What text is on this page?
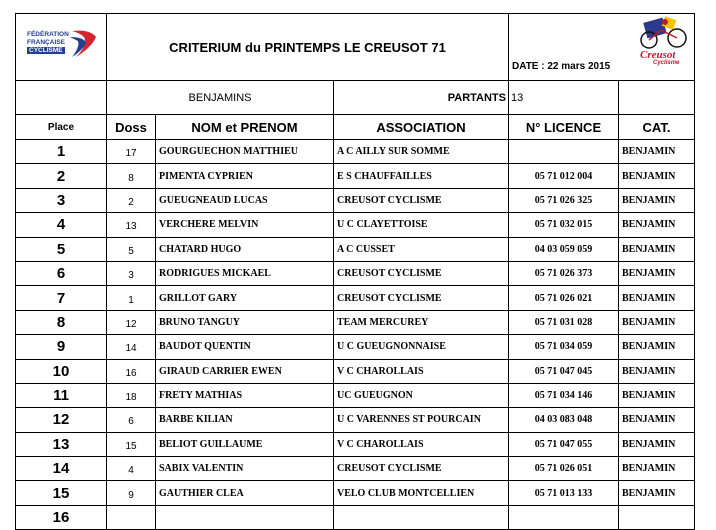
FÉDÉRATION
FRANÇAISE
CYCLISME	CRITERIUM du PRINTEMPS LE CREUSOT 71			DATE : 22 mars 2015
Creusot
Cyclisme	

	BENJAMINS		PARTANTS	13	
Place	Doss	NOM et PRENOM	ASSOCIATION	N° LICENCE	CAT.
1	17	GOURGUECHON MATTHIEU	A C AILLY SUR SOMME		BENJAMIN
2	8	PIMENTA CYPRIEN	E S CHAUFFAILLES	05 71 012 004	BENJAMIN
3	2	GUEUGNEAUD LUCAS	CREUSOT CYCLISME	05 71 026 325	BENJAMIN
4	13	VERCHERE MELVIN	U C CLAYETTOISE	05 71 032 015	BENJAMIN
5	5	CHATARD HUGO	A C CUSSET	04 03 059 059	BENJAMIN
6	3	RODRIGUES MICKAEL	CREUSOT CYCLISME	05 71 026 373	BENJAMIN
7	1	GRILLOT GARY	CREUSOT CYCLISME	05 71 026 021	BENJAMIN
8	12	BRUNO TANGUY	TEAM MERCUREY	05 71 031 028	BENJAMIN
9	14	BAUDOT QUENTIN	U C GUEUGNONNAISE	05 71 034 059	BENJAMIN
10	16	GIRAUD CARRIER EWEN	V C CHAROLLAIS	05 71 047 045	BENJAMIN
11	18	FRETY MATHIAS	UC GUEUGNON	05 71 034 146	BENJAMIN
12	6	BARBE KILIAN	U C VARENNES ST POURCAIN	04 03 083 048	BENJAMIN
13	15	BELIOT GUILLAUME	V C CHAROLLAIS	05 71 047 055	BENJAMIN
14	4	SABIX VALENTIN	CREUSOT CYCLISME	05 71 026 051	BENJAMIN
15	9	GAUTHIER CLEA	VELO CLUB MONTCELLIEN	05 71 013 133	BENJAMIN
16					
